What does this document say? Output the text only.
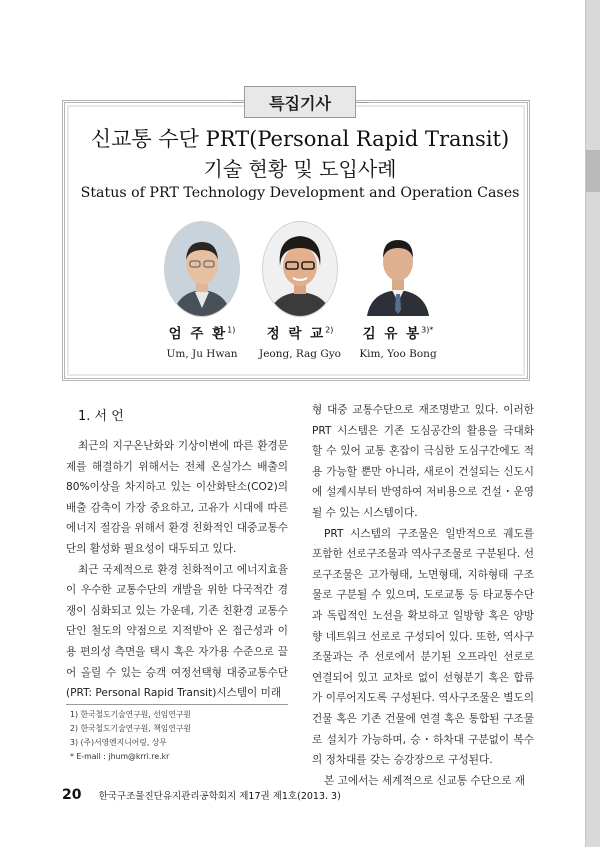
특집기사
신교통 수단 PRT(Personal Rapid Transit)
기술 현황 및 도입사례
Status of PRT Technology Development and Operation Cases
엄 주 환$^{1)}$
Um, Ju Hwan
정 락 교$^{2)}$
Jeong, Rag Gyo
김 유 봉$^{3)*}$
Kim, Yoo Bong
1. 서 언

최근의 지구온난화와 기상이변에 따른 환경문제를 해결하기 위해서는 전체 온실가스 배출의 80%이상을 차지하고 있는 이산화탄소(CO2)의 배출 감축이 가장 중요하고, 고유가 시대에 따른 에너지 절감을 위해서 환경 친화적인 대중교통수단의 활성화 필요성이 대두되고 있다.

최근 국제적으로 환경 친화적이고 에너지효율이 우수한 교통수단의 개발을 위한 다국적간 경쟁이 심화되고 있는 가운데, 기존 친환경 교통수단인 철도의 약점으로 지적받아 온 접근성과 이용 편의성 측면을 택시 혹은 자가용 수준으로 끌어 올릴 수 있는 승객 여정선택형 대중교통수단(PRT: Personal Rapid Transit)시스템이 미래

1) 한국철도기술연구원, 선임연구원
2) 한국철도기술연구원, 책임연구원
3) (주)서영엔지니어링, 상무
* E-mail : jhum@krri.re.kr

형 대중 교통수단으로 재조명받고 있다. 이러한 PRT 시스템은 기존 도심공간의 활용을 극대화 할 수 있어 교통 혼잡이 극심한 도심구간에도 적용 가능할 뿐만 아니라, 새로이 건설되는 신도시에 설계시부터 반영하여 저비용으로 건설・운영될 수 있는 시스템이다.

PRT 시스템의 구조물은 일반적으로 궤도를 포함한 선로구조물과 역사구조물로 구분된다. 선로구조물은 고가형태, 노면형태, 지하형태 구조물로 구분될 수 있으며, 도로교통 등 타교통수단과 독립적인 노선을 확보하고 일방향 혹은 양방향 네트워크 선로로 구성되어 있다. 또한, 역사구조물과는 주 선로에서 분기된 오프라인 선로로 연결되어 있고 교차로 없이 선형분기 혹은 합류가 이루어지도록 구성된다. 역사구조물은 별도의 건물 혹은 기존 건물에 연결 혹은 통합된 구조물로 설치가 가능하며, 승・하차대 구분없이 복수의 정차대를 갖는 승강장으로 구성된다.

본 고에서는 세계적으로 신교통 수단으로 재

20 한국구조물진단유지관리공학회지 제17권 제1호(2013. 3)
